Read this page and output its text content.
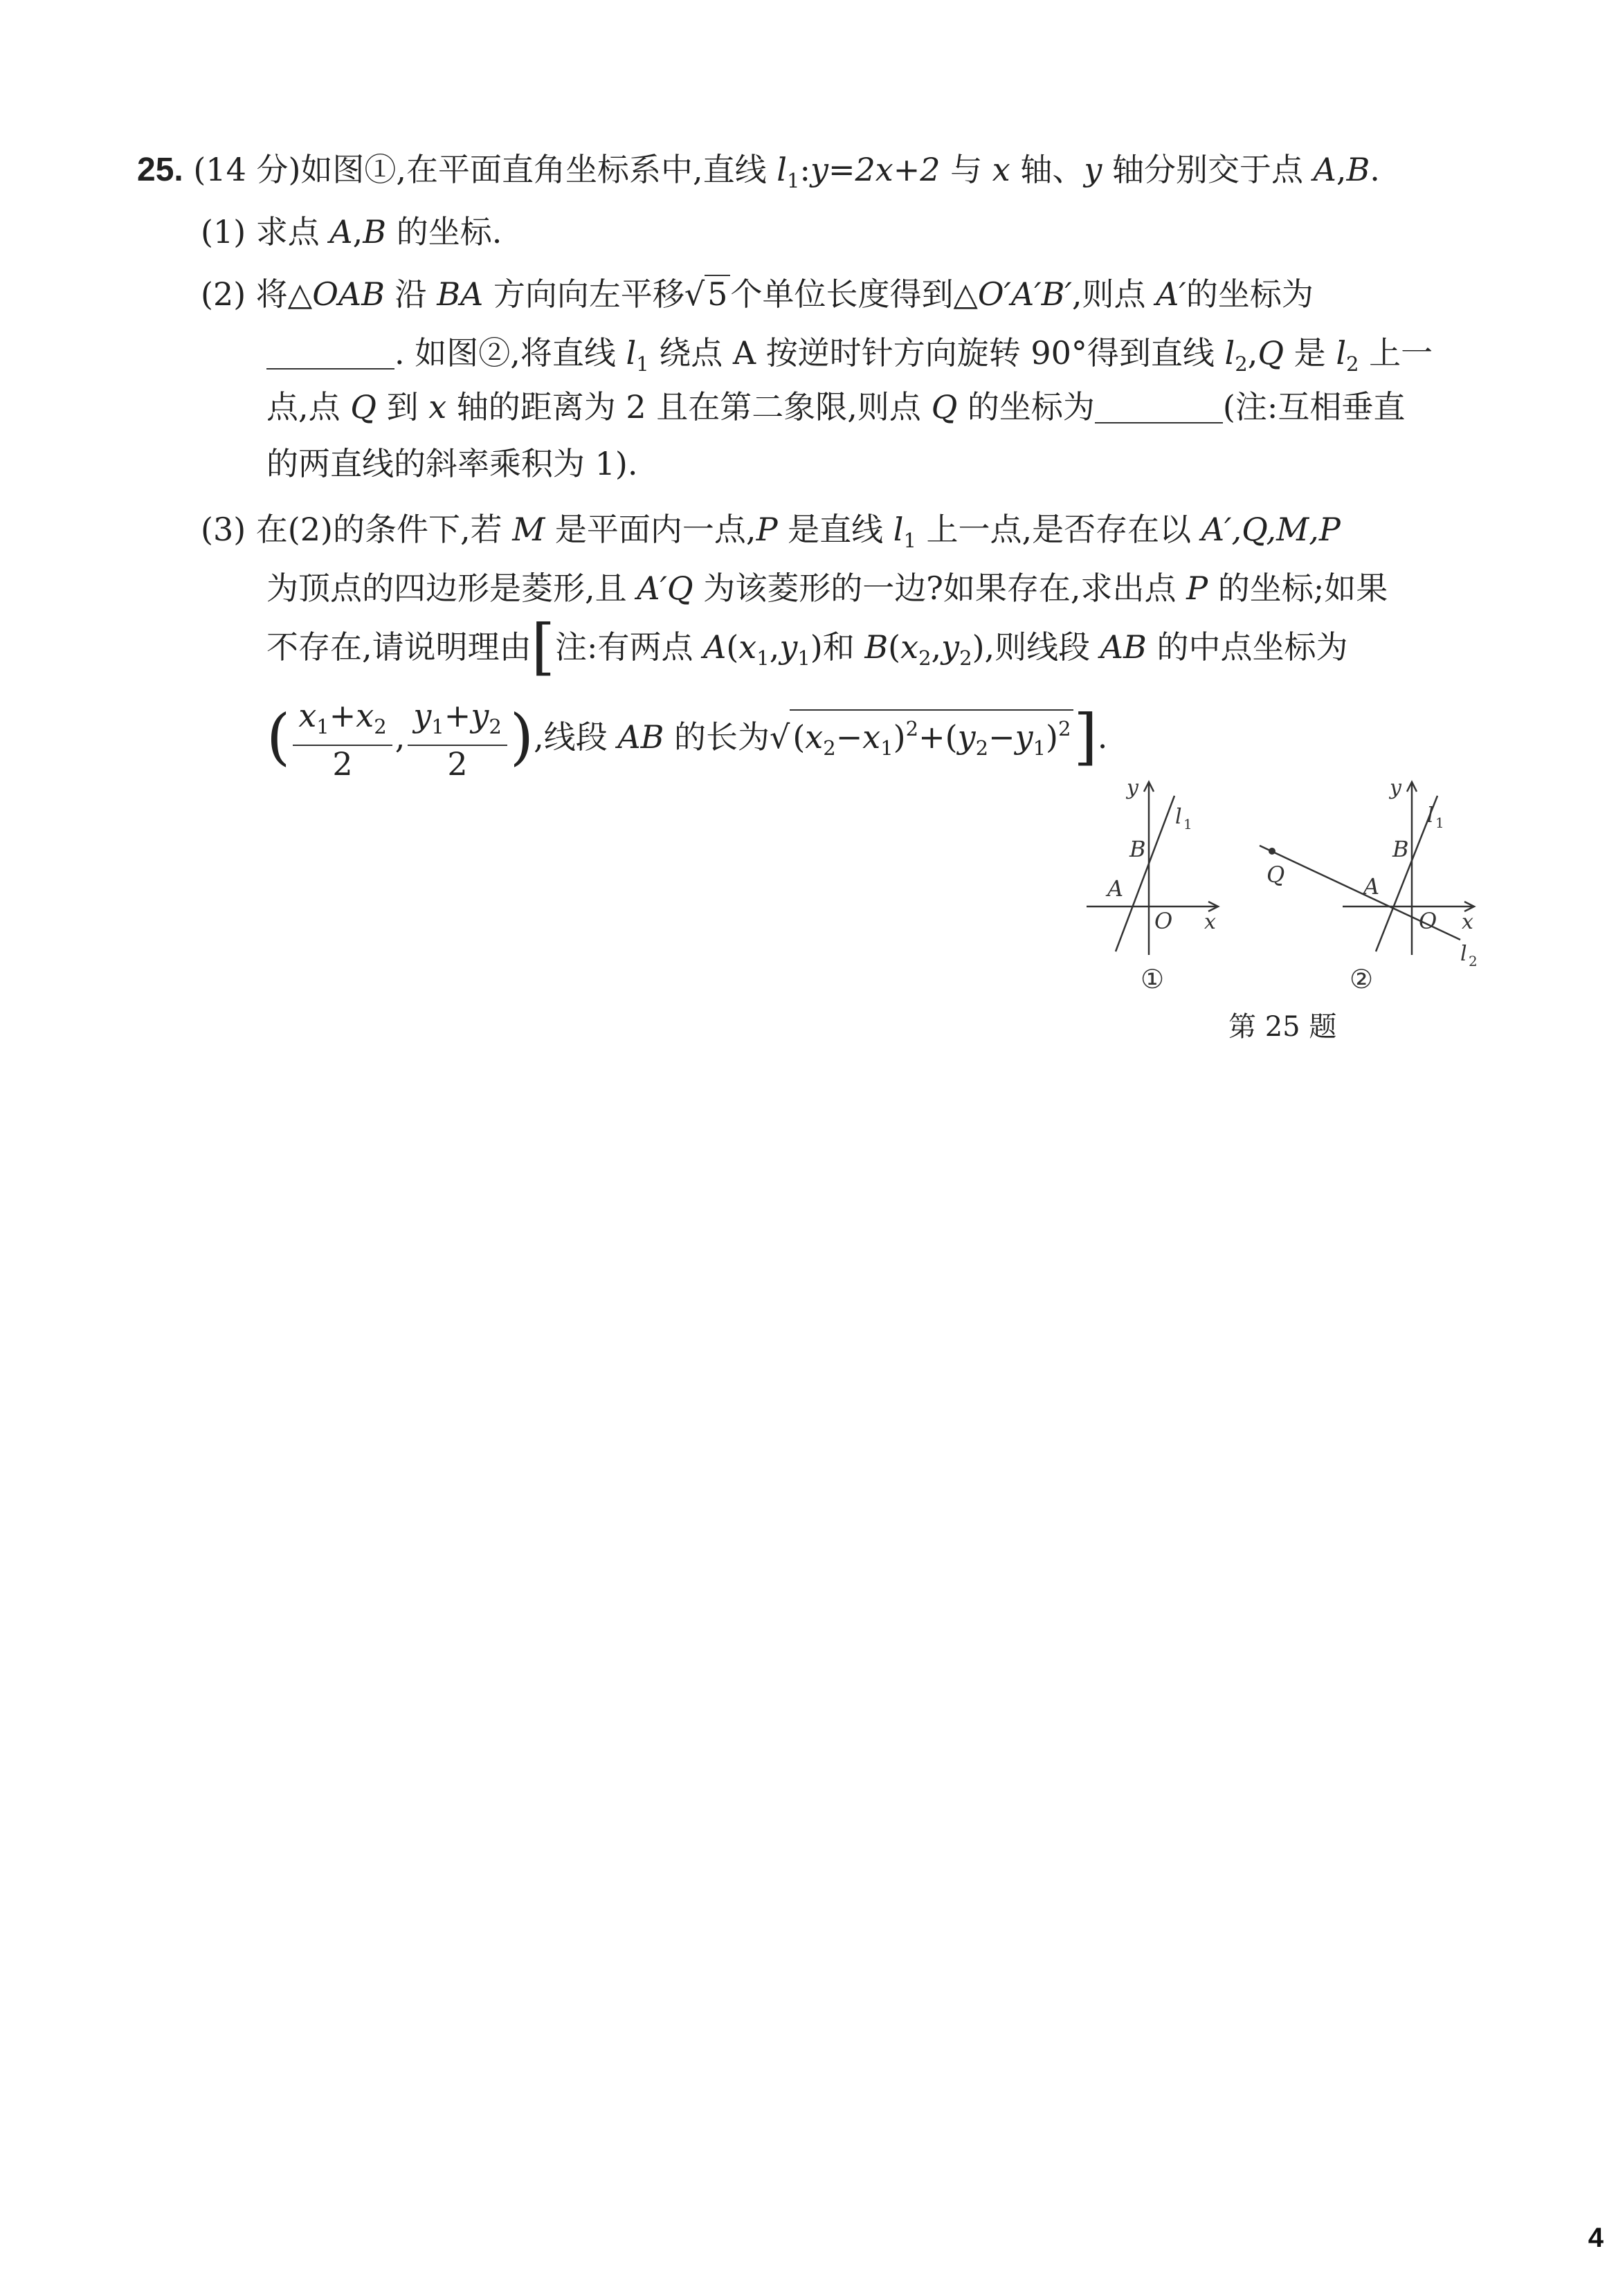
25. (14 分)如图①,在平面直角坐标系中,直线 $l_1:y=2x+2$ 与 x 轴、y 轴分别交于点 A,B.
(1) 求点 A,B 的坐标.
(2) 将△OAB 沿 BA 方向向左平移√5个单位长度得到△O′A′B′,则点 A′的坐标为
. 如图②,将直线 $l_1$ 绕点 A 按逆时针方向旋转 90°得到直线 $l_2,Q$ 是 $l_2$ 上一
点,点 Q 到 x 轴的距离为 2 且在第二象限,则点 Q 的坐标为	(注:互相垂直
的两直线的斜率乘积为 1).
(3) 在(2)的条件下,若 M 是平面内一点,P 是直线 $l_1$ 上一点,是否存在以 A′,Q,M,P
为顶点的四边形是菱形,且 A′Q 为该菱形的一边?如果存在,求出点 P 的坐标;如果
不存在,请说明理由[注:有两点 $A(x_1,y_1)$和 $B(x_2,y_2)$,则线段 AB 的中点坐标为
( $\frac{x_1+x_2}{2}$ , $\frac{y_1+y_2}{2}$ ),线段 AB 的长为$√(x_2-x_1)^2+(y_2-y_1)^2$].
y
l 1
B
A
O x
①
y
l 1
B
A
O x
Q
l 2
②
第 25 题
4
